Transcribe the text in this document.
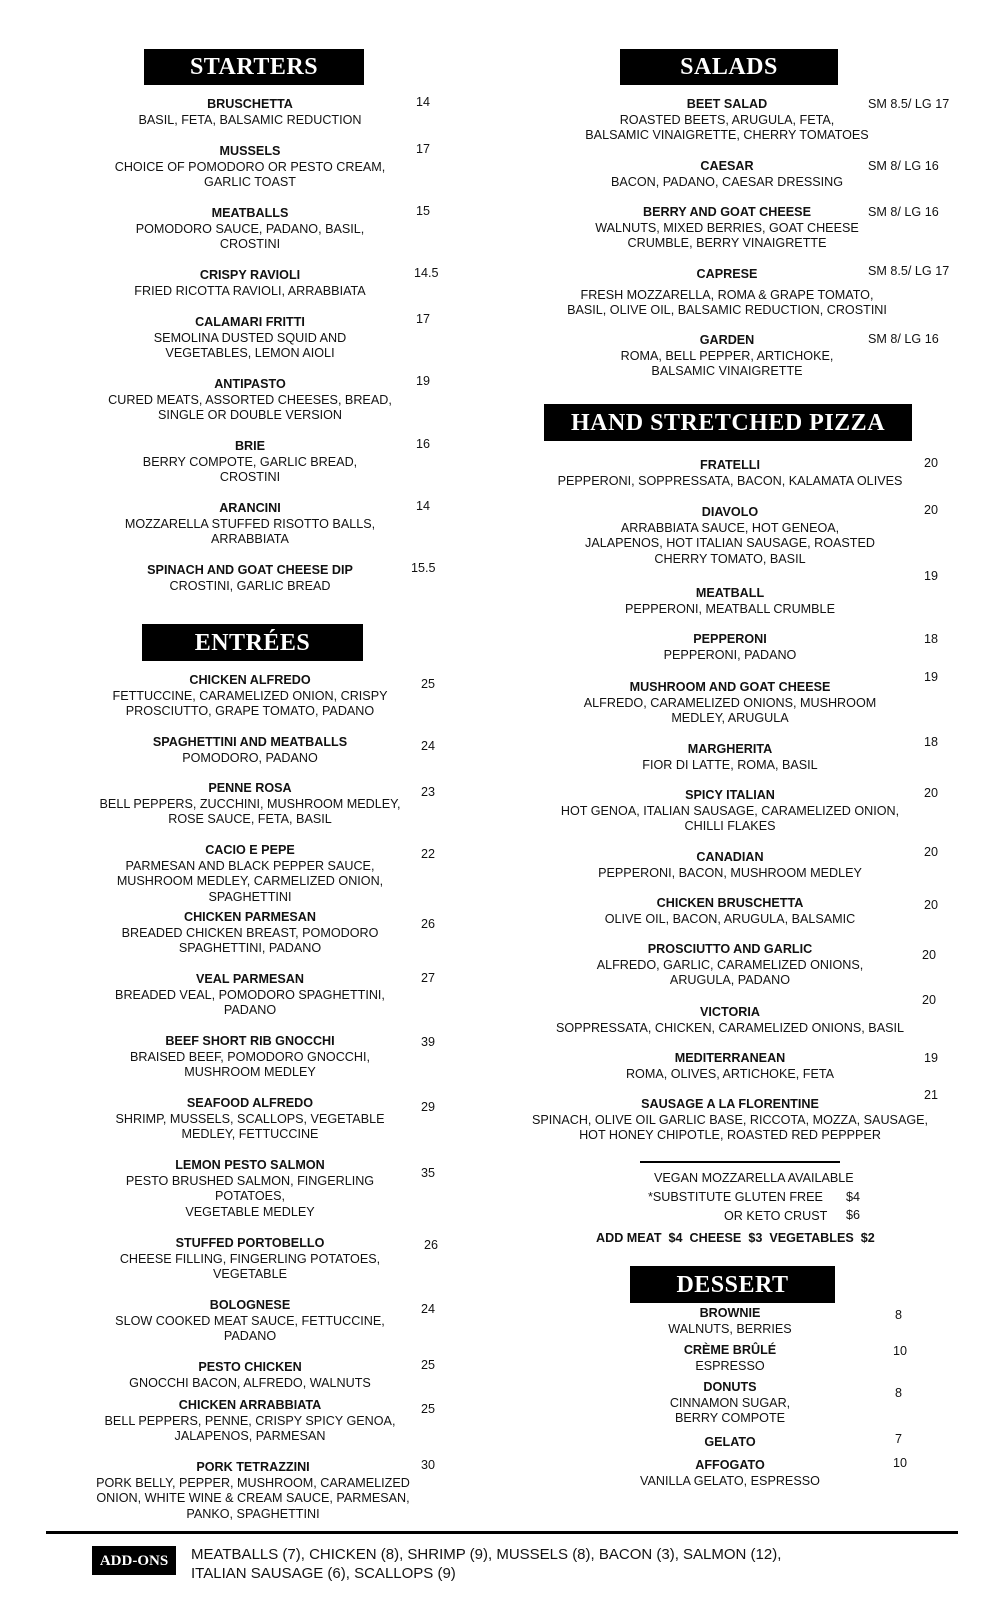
STARTERS	SALADS
ENTRÉES
HAND STRETCHED PIZZA
DESSERT
BRUSCHETTA
BASIL, FETA, BALSAMIC REDUCTION
14
MUSSELS
CHOICE OF POMODORO OR PESTO CREAM,
GARLIC TOAST
17
MEATBALLS
POMODORO SAUCE, PADANO, BASIL,
CROSTINI
15
CRISPY RAVIOLI
FRIED RICOTTA RAVIOLI, ARRABBIATA
14.5
CALAMARI FRITTI
SEMOLINA DUSTED SQUID AND
VEGETABLES, LEMON AIOLI
17
ANTIPASTO
CURED MEATS, ASSORTED CHEESES, BREAD,
SINGLE OR DOUBLE VERSION
19
BRIE
BERRY COMPOTE, GARLIC BREAD,
CROSTINI
16
ARANCINI
MOZZARELLA STUFFED RISOTTO BALLS,
ARRABBIATA
14
SPINACH AND GOAT CHEESE DIP
CROSTINI, GARLIC BREAD
15.5
CHICKEN ALFREDO
FETTUCCINE, CARAMELIZED ONION, CRISPY
PROSCIUTTO, GRAPE TOMATO, PADANO
25
SPAGHETTINI AND MEATBALLS
POMODORO, PADANO
24
PENNE ROSA
BELL PEPPERS, ZUCCHINI, MUSHROOM MEDLEY,
ROSE SAUCE, FETA, BASIL
23
CACIO E PEPE
PARMESAN AND BLACK PEPPER SAUCE,
MUSHROOM MEDLEY, CARMELIZED ONION,
SPAGHETTINI
22
CHICKEN PARMESAN
BREADED CHICKEN BREAST, POMODORO
SPAGHETTINI, PADANO
26
VEAL PARMESAN
BREADED VEAL, POMODORO SPAGHETTINI,
PADANO
27
BEEF SHORT RIB GNOCCHI
BRAISED BEEF, POMODORO GNOCCHI,
MUSHROOM MEDLEY
39
SEAFOOD ALFREDO
SHRIMP, MUSSELS, SCALLOPS, VEGETABLE
MEDLEY, FETTUCCINE
29
LEMON PESTO SALMON
PESTO BRUSHED SALMON, FINGERLING
POTATOES,
VEGETABLE MEDLEY
35
STUFFED PORTOBELLO
CHEESE FILLING, FINGERLING POTATOES,
VEGETABLE
26
BOLOGNESE
SLOW COOKED MEAT SAUCE, FETTUCCINE,
PADANO
24
PESTO CHICKEN
GNOCCHI BACON, ALFREDO, WALNUTS
25
CHICKEN ARRABBIATA
BELL PEPPERS, PENNE, CRISPY SPICY GENOA,
JALAPENOS, PARMESAN
25
PORK TETRAZZINI
PORK BELLY, PEPPER, MUSHROOM, CARAMELIZED
ONION, WHITE WINE & CREAM SAUCE, PARMESAN,
PANKO, SPAGHETTINI
30
BEET SALAD
ROASTED BEETS, ARUGULA, FETA,
BALSAMIC VINAIGRETTE, CHERRY TOMATOES
SM 8.5/ LG 17
CAESAR
BACON, PADANO, CAESAR DRESSING
SM 8/ LG 16
BERRY AND GOAT CHEESE
WALNUTS, MIXED BERRIES, GOAT CHEESE
CRUMBLE, BERRY VINAIGRETTE
SM 8/ LG 16
CAPRESE
FRESH MOZZARELLA, ROMA & GRAPE TOMATO,
BASIL, OLIVE OIL, BALSAMIC REDUCTION, CROSTINI
SM 8.5/ LG 17
GARDEN
ROMA, BELL PEPPER, ARTICHOKE,
BALSAMIC VINAIGRETTE
SM 8/ LG 16
FRATELLI
PEPPERONI, SOPPRESSATA, BACON, KALAMATA OLIVES
20
DIAVOLO
ARRABBIATA SAUCE, HOT GENEOA,
JALAPENOS, HOT ITALIAN SAUSAGE, ROASTED
CHERRY TOMATO, BASIL
20
MEATBALL
PEPPERONI, MEATBALL CRUMBLE
19
PEPPERONI
PEPPERONI, PADANO
18
MUSHROOM AND GOAT CHEESE
ALFREDO, CARAMELIZED ONIONS, MUSHROOM
MEDLEY, ARUGULA
19
MARGHERITA
FIOR DI LATTE, ROMA, BASIL
18
SPICY ITALIAN
HOT GENOA, ITALIAN SAUSAGE, CARAMELIZED ONION,
CHILLI FLAKES
20
CANADIAN
PEPPERONI, BACON, MUSHROOM MEDLEY
20
CHICKEN BRUSCHETTA
OLIVE OIL, BACON, ARUGULA, BALSAMIC
20
PROSCIUTTO AND GARLIC
ALFREDO, GARLIC, CARAMELIZED ONIONS,
ARUGULA, PADANO
20
VICTORIA
SOPPRESSATA, CHICKEN, CARAMELIZED ONIONS, BASIL
20
MEDITERRANEAN
ROMA, OLIVES, ARTICHOKE, FETA
19
SAUSAGE A LA FLORENTINE
SPINACH, OLIVE OIL GARLIC BASE, RICCOTA, MOZZA, SAUSAGE,
HOT HONEY CHIPOTLE, ROASTED RED PEPPPER
21
VEGAN MOZZARELLA AVAILABLE
*SUBSTITUTE GLUTEN FREE $4
OR KETO CRUST $6
ADD MEAT  $4  CHEESE  $3  VEGETABLES  $2
BROWNIE
WALNUTS, BERRIES
8
CRÈME BRÛLÉ
ESPRESSO
10
DONUTS
CINNAMON SUGAR,
BERRY COMPOTE
8
GELATO	7
AFFOGATO
VANILLA GELATO, ESPRESSO
10
ADD-ONS	MEATBALLS (7), CHICKEN (8), SHRIMP (9), MUSSELS (8), BACON (3), SALMON (12),
ITALIAN SAUSAGE (6), SCALLOPS (9)
